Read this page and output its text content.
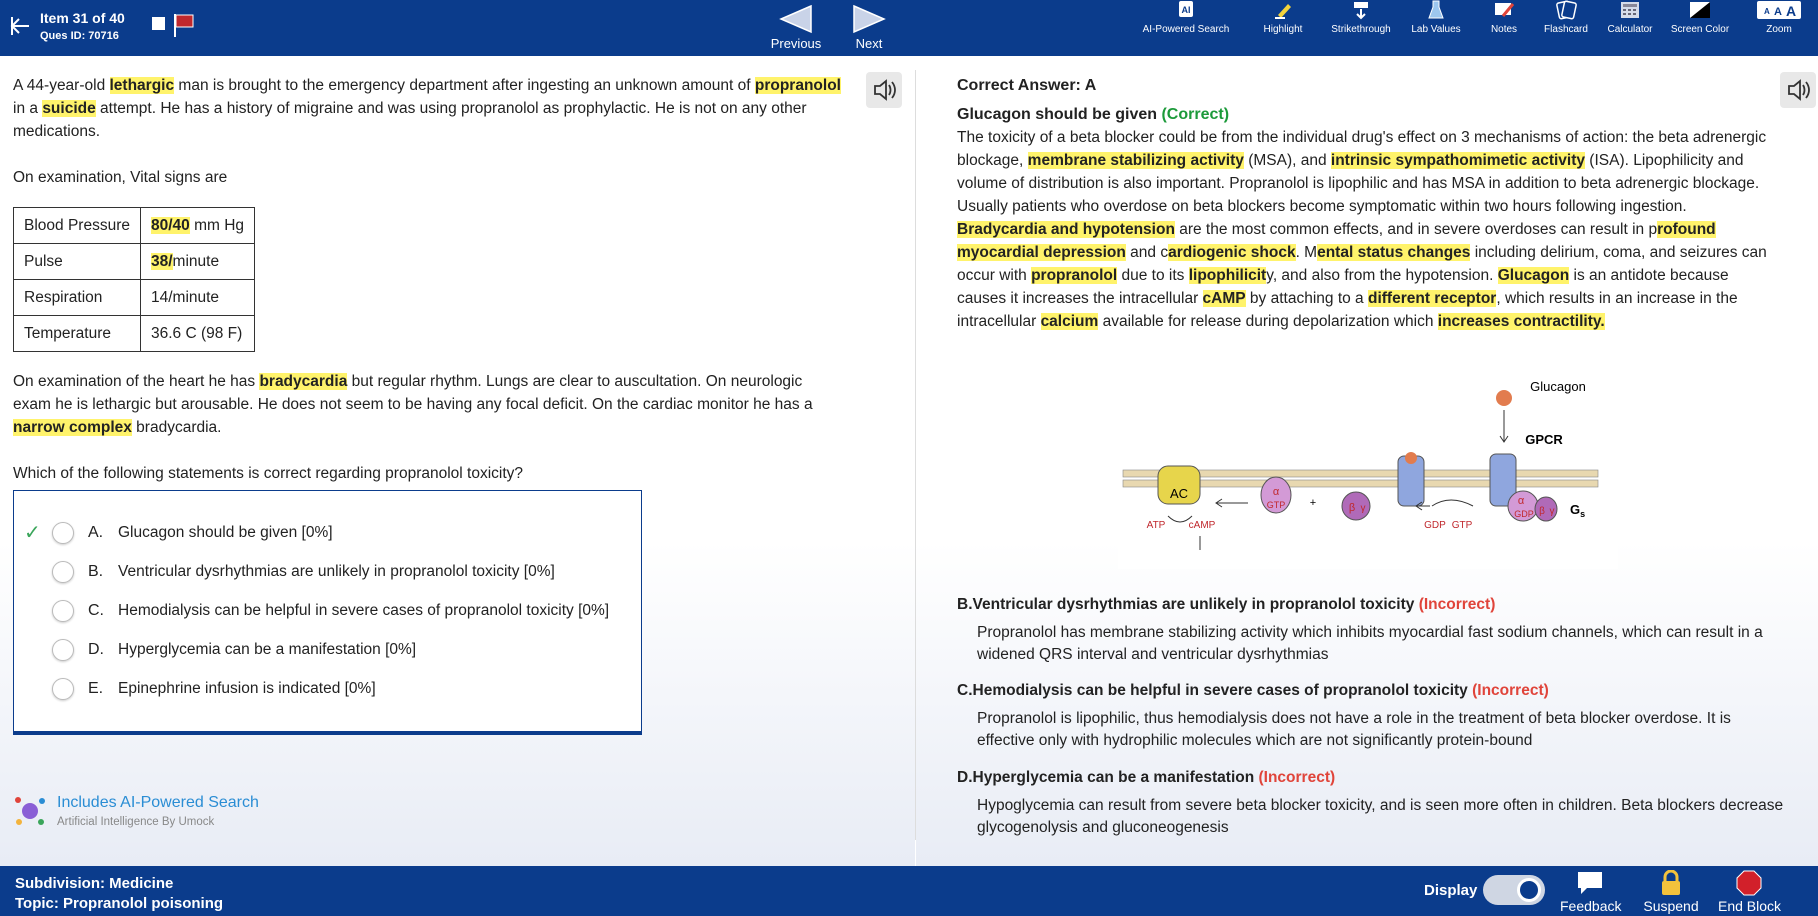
Item 31 of 40
Ques ID: 70716	Previous	Next
AI
AI-Powered Search	Highlight	Strikethrough	Lab Values	Notes	Flashcard	Calculator Screen Color
A A A
Zoom

A 44-year-old lethargic man is brought to the emergency department after ingesting an unknown amount of propranolol in a suicide attempt. He has a history of migraine and was using propranolol as prophylactic. He is not on any other medications.

On examination, Vital signs are

Blood Pressure	80/40 mm Hg
Pulse	38/minute
Respiration	14/minute
Temperature	36.6 C (98 F)

On examination of the heart he has bradycardia but regular rhythm. Lungs are clear to auscultation. On neurologic exam he is lethargic but arousable. He does not seem to be having any focal deficit. On the cardiac monitor he has a narrow complex bradycardia.

Which of the following statements is correct regarding propranolol toxicity?

✓	A. Glucagon should be given [0%]
B. Ventricular dysrhythmias are unlikely in propranolol toxicity [0%]
C. Hemodialysis can be helpful in severe cases of propranolol toxicity [0%]
D. Hyperglycemia can be a manifestation [0%]
E. Epinephrine infusion is indicated [0%]
Includes AI-Powered Search
Artificial Intelligence By Umock
Correct Answer: A
Glucagon should be given (Correct)

The toxicity of a beta blocker could be from the individual drug's effect on 3 mechanisms of action: the beta adrenergic blockage, membrane stabilizing activity (MSA), and intrinsic sympathomimetic activity (ISA). Lipophilicity and volume of distribution is also important. Propranolol is lipophilic and has MSA in addition to beta adrenergic blockage. Usually patients who overdose on beta blockers become symptomatic within two hours following ingestion. Bradycardia and hypotension are the most common effects, and in severe overdoses can result in profound myocardial depression and cardiogenic shock. Mental status changes including delirium, coma, and seizures can occur with propranolol due to its lipophilicity, and also from the hypotension. Glucagon is an antidote because causes it increases the intracellular cAMP by attaching to a different receptor, which results in an increase in the intracellular calcium available for release during depolarization which increases contractility.

AC
ATP cAMP
α
GTP +	β γ
GDP GTP
Glucagon
GPCR
α
GDP β γ $G_s$
B.Ventricular dysrhythmias are unlikely in propranolol toxicity (Incorrect)
Propranolol has membrane stabilizing activity which inhibits myocardial fast sodium channels, which can result in a widened QRS interval and ventricular dysrhythmias
C.Hemodialysis can be helpful in severe cases of propranolol toxicity (Incorrect)
Propranolol is lipophilic, thus hemodialysis does not have a role in the treatment of beta blocker overdose. It is effective only with hydrophilic molecules which are not significantly protein-bound
D.Hyperglycemia can be a manifestation (Incorrect)
Hypoglycemia can result from severe beta blocker toxicity, and is seen more often in children. Beta blockers decrease glycogenolysis and gluconeogenesis
Subdivision: Medicine
Topic: Propranolol poisoning
Display
Feedback Suspend End Block
